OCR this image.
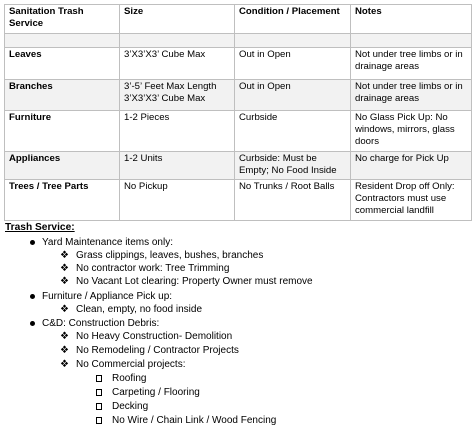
Sanitation Trash Service	Size	Condition / Placement	Notes

Leaves	3’X3’X3’ Cube Max	Out in Open	Not under tree limbs or in drainage areas
Branches	3’-5’ Feet Max Length 3’X3’X3’ Cube Max	Out in Open	Not under tree limbs or in drainage areas
Furniture	1-2 Pieces	Curbside	No Glass Pick Up: No windows, mirrors, glass doors
Appliances	1-2 Units	Curbside: Must be Empty; No Food Inside	No charge for Pick Up
Trees / Tree Parts	No Pickup	No Trunks / Root Balls	Resident Drop off Only: Contractors must use commercial landfill
Trash Service:
Yard Maintenance items only:
❖ Grass clippings, leaves, bushes, branches
❖ No contractor work: Tree Trimming
❖ No Vacant Lot clearing: Property Owner must remove
Furniture / Appliance Pick up:
❖ Clean, empty, no food inside
C&D: Construction Debris:
❖ No Heavy Construction- Demolition
❖ No Remodeling / Contractor Projects
❖ No Commercial projects:
Roofing
Carpeting / Flooring
Decking
No Wire / Chain Link / Wood Fencing
